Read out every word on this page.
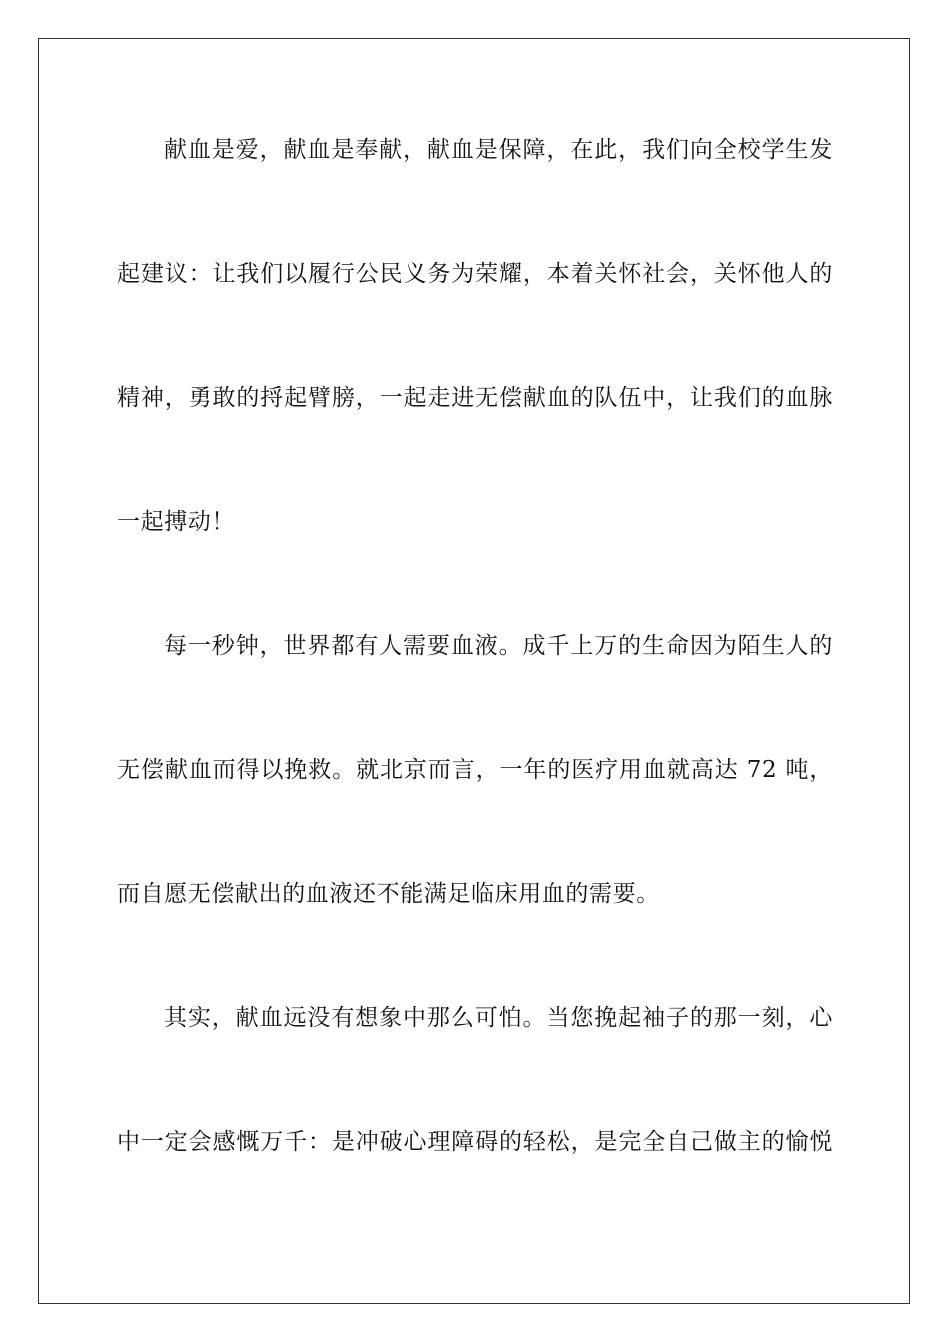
献血是爱，献血是奉献，献血是保障，在此，我们向全校学生发

起建议：让我们以履行公民义务为荣耀，本着关怀社会，关怀他人的

精神，勇敢的捋起臂膀，一起走进无偿献血的队伍中，让我们的血脉

一起搏动！

每一秒钟，世界都有人需要血液。成千上万的生命因为陌生人的

无偿献血而得以挽救。就北京而言，一年的医疗用血就高达 72 吨，

而自愿无偿献出的血液还不能满足临床用血的需要。

其实，献血远没有想象中那么可怕。当您挽起袖子的那一刻，心

中一定会感慨万千：是冲破心理障碍的轻松，是完全自己做主的愉悦
